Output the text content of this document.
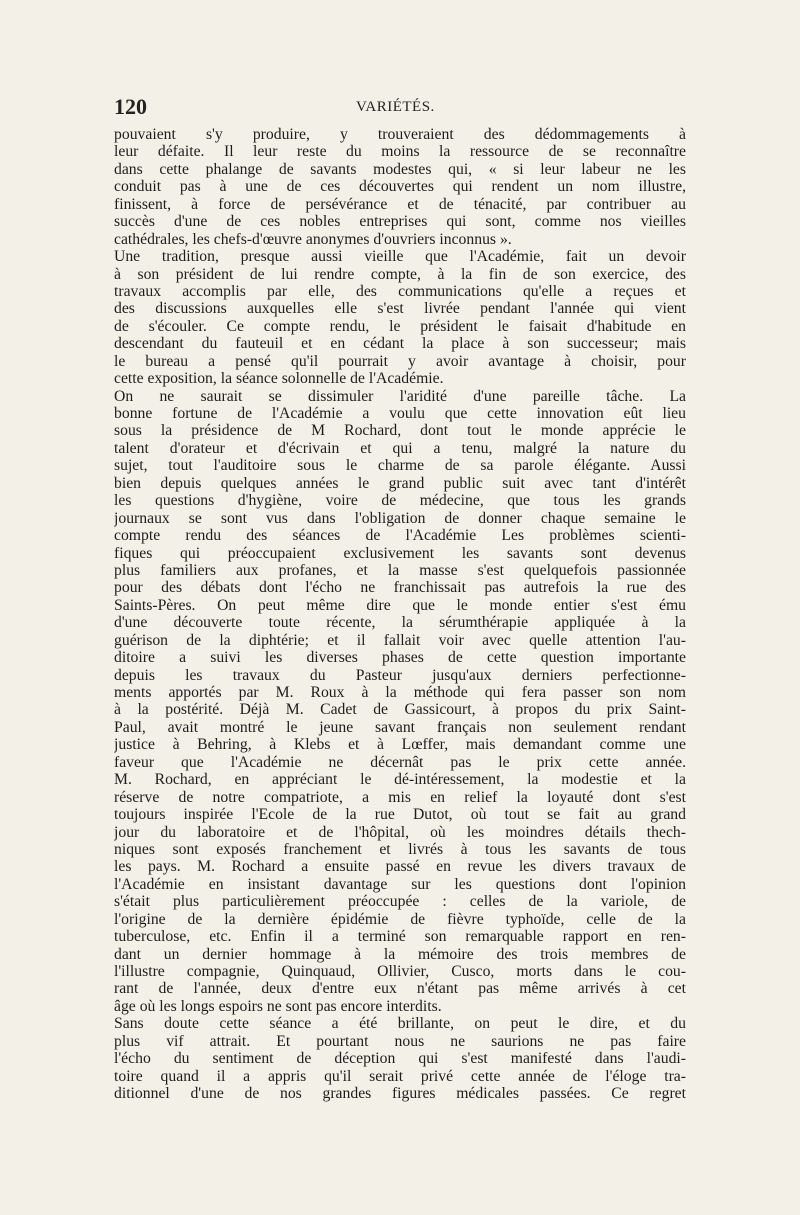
120	VARIÉTÉS.
pouvaient s'y produire, y trouveraient des dédommagements à
leur défaite. Il leur reste du moins la ressource de se reconnaître
dans cette phalange de savants modestes qui, « si leur labeur ne les
conduit pas à une de ces découvertes qui rendent un nom illustre,
finissent, à force de persévérance et de ténacité, par contribuer au
succès d'une de ces nobles entreprises qui sont, comme nos vieilles
cathédrales, les chefs-d'œuvre anonymes d'ouvriers inconnus ».
Une tradition, presque aussi vieille que l'Académie, fait un devoir
à son président de lui rendre compte, à la fin de son exercice, des
travaux accomplis par elle, des communications qu'elle a reçues et
des discussions auxquelles elle s'est livrée pendant l'année qui vient
de s'écouler. Ce compte rendu, le président le faisait d'habitude en
descendant du fauteuil et en cédant la place à son successeur; mais
le bureau a pensé qu'il pourrait y avoir avantage à choisir, pour
cette exposition, la séance solonnelle de l'Académie.
On ne saurait se dissimuler l'aridité d'une pareille tâche. La
bonne fortune de l'Académie a voulu que cette innovation eût lieu
sous la présidence de M Rochard, dont tout le monde apprécie le
talent d'orateur et d'écrivain et qui a tenu, malgré la nature du
sujet, tout l'auditoire sous le charme de sa parole élégante. Aussi
bien depuis quelques années le grand public suit avec tant d'intérêt
les questions d'hygiène, voire de médecine, que tous les grands
journaux se sont vus dans l'obligation de donner chaque semaine le
compte rendu des séances de l'Académie Les problèmes scienti-
fiques qui préoccupaient exclusivement les savants sont devenus
plus familiers aux profanes, et la masse s'est quelquefois passionnée
pour des débats dont l'écho ne franchissait pas autrefois la rue des
Saints-Pères. On peut même dire que le monde entier s'est ému
d'une découverte toute récente, la sérumthérapie appliquée à la
guérison de la diphtérie; et il fallait voir avec quelle attention l'au-
ditoire a suivi les diverses phases de cette question importante
depuis les travaux du Pasteur jusqu'aux derniers perfectionne-
ments apportés par M. Roux à la méthode qui fera passer son nom
à la postérité. Déjà M. Cadet de Gassicourt, à propos du prix Saint-
Paul, avait montré le jeune savant français non seulement rendant
justice à Behring, à Klebs et à Lœffer, mais demandant comme une
faveur que l'Académie ne décernât pas le prix cette année.
M. Rochard, en appréciant le dé-intéressement, la modestie et la
réserve de notre compatriote, a mis en relief la loyauté dont s'est
toujours inspirée l'Ecole de la rue Dutot, où tout se fait au grand
jour du laboratoire et de l'hôpital, où les moindres détails thech-
niques sont exposés franchement et livrés à tous les savants de tous
les pays. M. Rochard a ensuite passé en revue les divers travaux de
l'Académie en insistant davantage sur les questions dont l'opinion
s'était plus particulièrement préoccupée : celles de la variole, de
l'origine de la dernière épidémie de fièvre typhoïde, celle de la
tuberculose, etc. Enfin il a terminé son remarquable rapport en ren-
dant un dernier hommage à la mémoire des trois membres de
l'illustre compagnie, Quinquaud, Ollivier, Cusco, morts dans le cou-
rant de l'année, deux d'entre eux n'étant pas même arrivés à cet
âge où les longs espoirs ne sont pas encore interdits.
Sans doute cette séance a été brillante, on peut le dire, et du
plus vif attrait. Et pourtant nous ne saurions ne pas faire
l'écho du sentiment de déception qui s'est manifesté dans l'audi-
toire quand il a appris qu'il serait privé cette année de l'éloge tra-
ditionnel d'une de nos grandes figures médicales passées. Ce regret
